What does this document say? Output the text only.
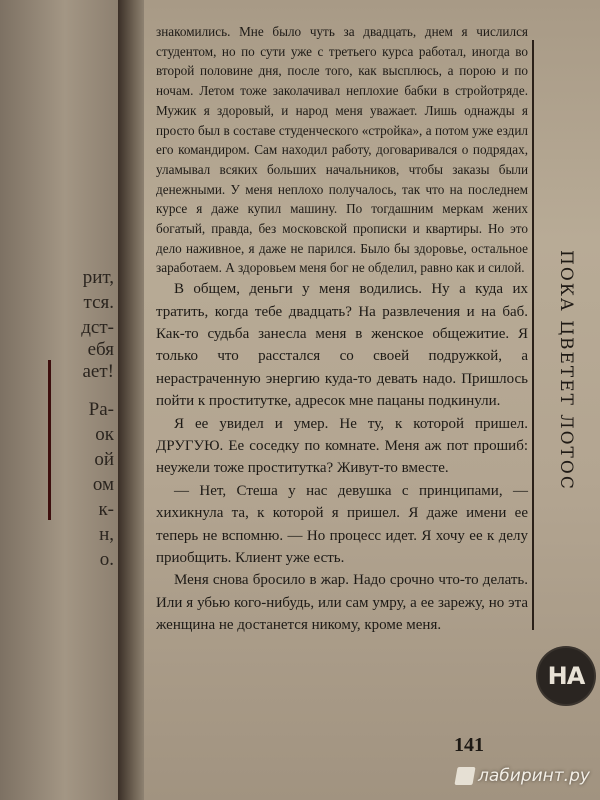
рит,
тся.
дст-
ебя
ает!
Ра-
ок
ой
ом
к-
н,
о.

знакомились. Мне было чуть за двадцать, днем я числился студентом, но по сути уже с третьего курса работал, иногда во второй половине дня, после того, как высплюсь, а порою и по ночам. Летом тоже заколачивал неплохие бабки в стройотряде. Мужик я здоровый, и народ меня уважает. Лишь однажды я просто был в составе студенческого «стройка», а потом уже ездил его командиром. Сам находил работу, договаривался о подрядах, уламывал всяких больших начальников, чтобы заказы были денежными. У меня неплохо получалось, так что на последнем курсе я даже купил машину. По тогдашним меркам жених богатый, правда, без московской прописки и квартиры. Но это дело наживное, я даже не парился. Было бы здоровье, остальное заработаем. А здоровьем меня бог не обделил, равно как и силой.

В общем, деньги у меня водились. Ну а куда их тратить, когда тебе двадцать? На развлечения и на баб. Как-то судьба занесла меня в женское общежитие. Я только что расстался со своей подружкой, а нерастраченную энергию куда-то девать надо. Пришлось пойти к проститутке, адресок мне пацаны подкинули.

Я ее увидел и умер. Не ту, к которой пришел. ДРУГУЮ. Ее соседку по комнате. Меня аж пот прошиб: неужели тоже проститутка? Живут-то вместе.

— Нет, Стеша у нас девушка с принципами, — хихикнула та, к которой я пришел. Я даже имени ее теперь не вспомню. — Но процесс идет. Я хочу ее к делу приобщить. Клиент уже есть.

Меня снова бросило в жар. Надо срочно что-то делать. Или я убью кого-нибудь, или сам умру, а ее зарежу, но эта женщина не достанется никому, кроме меня.

ПОКА ЦВЕТЕТ ЛОТОС
НА
141
лабиринт.ру
